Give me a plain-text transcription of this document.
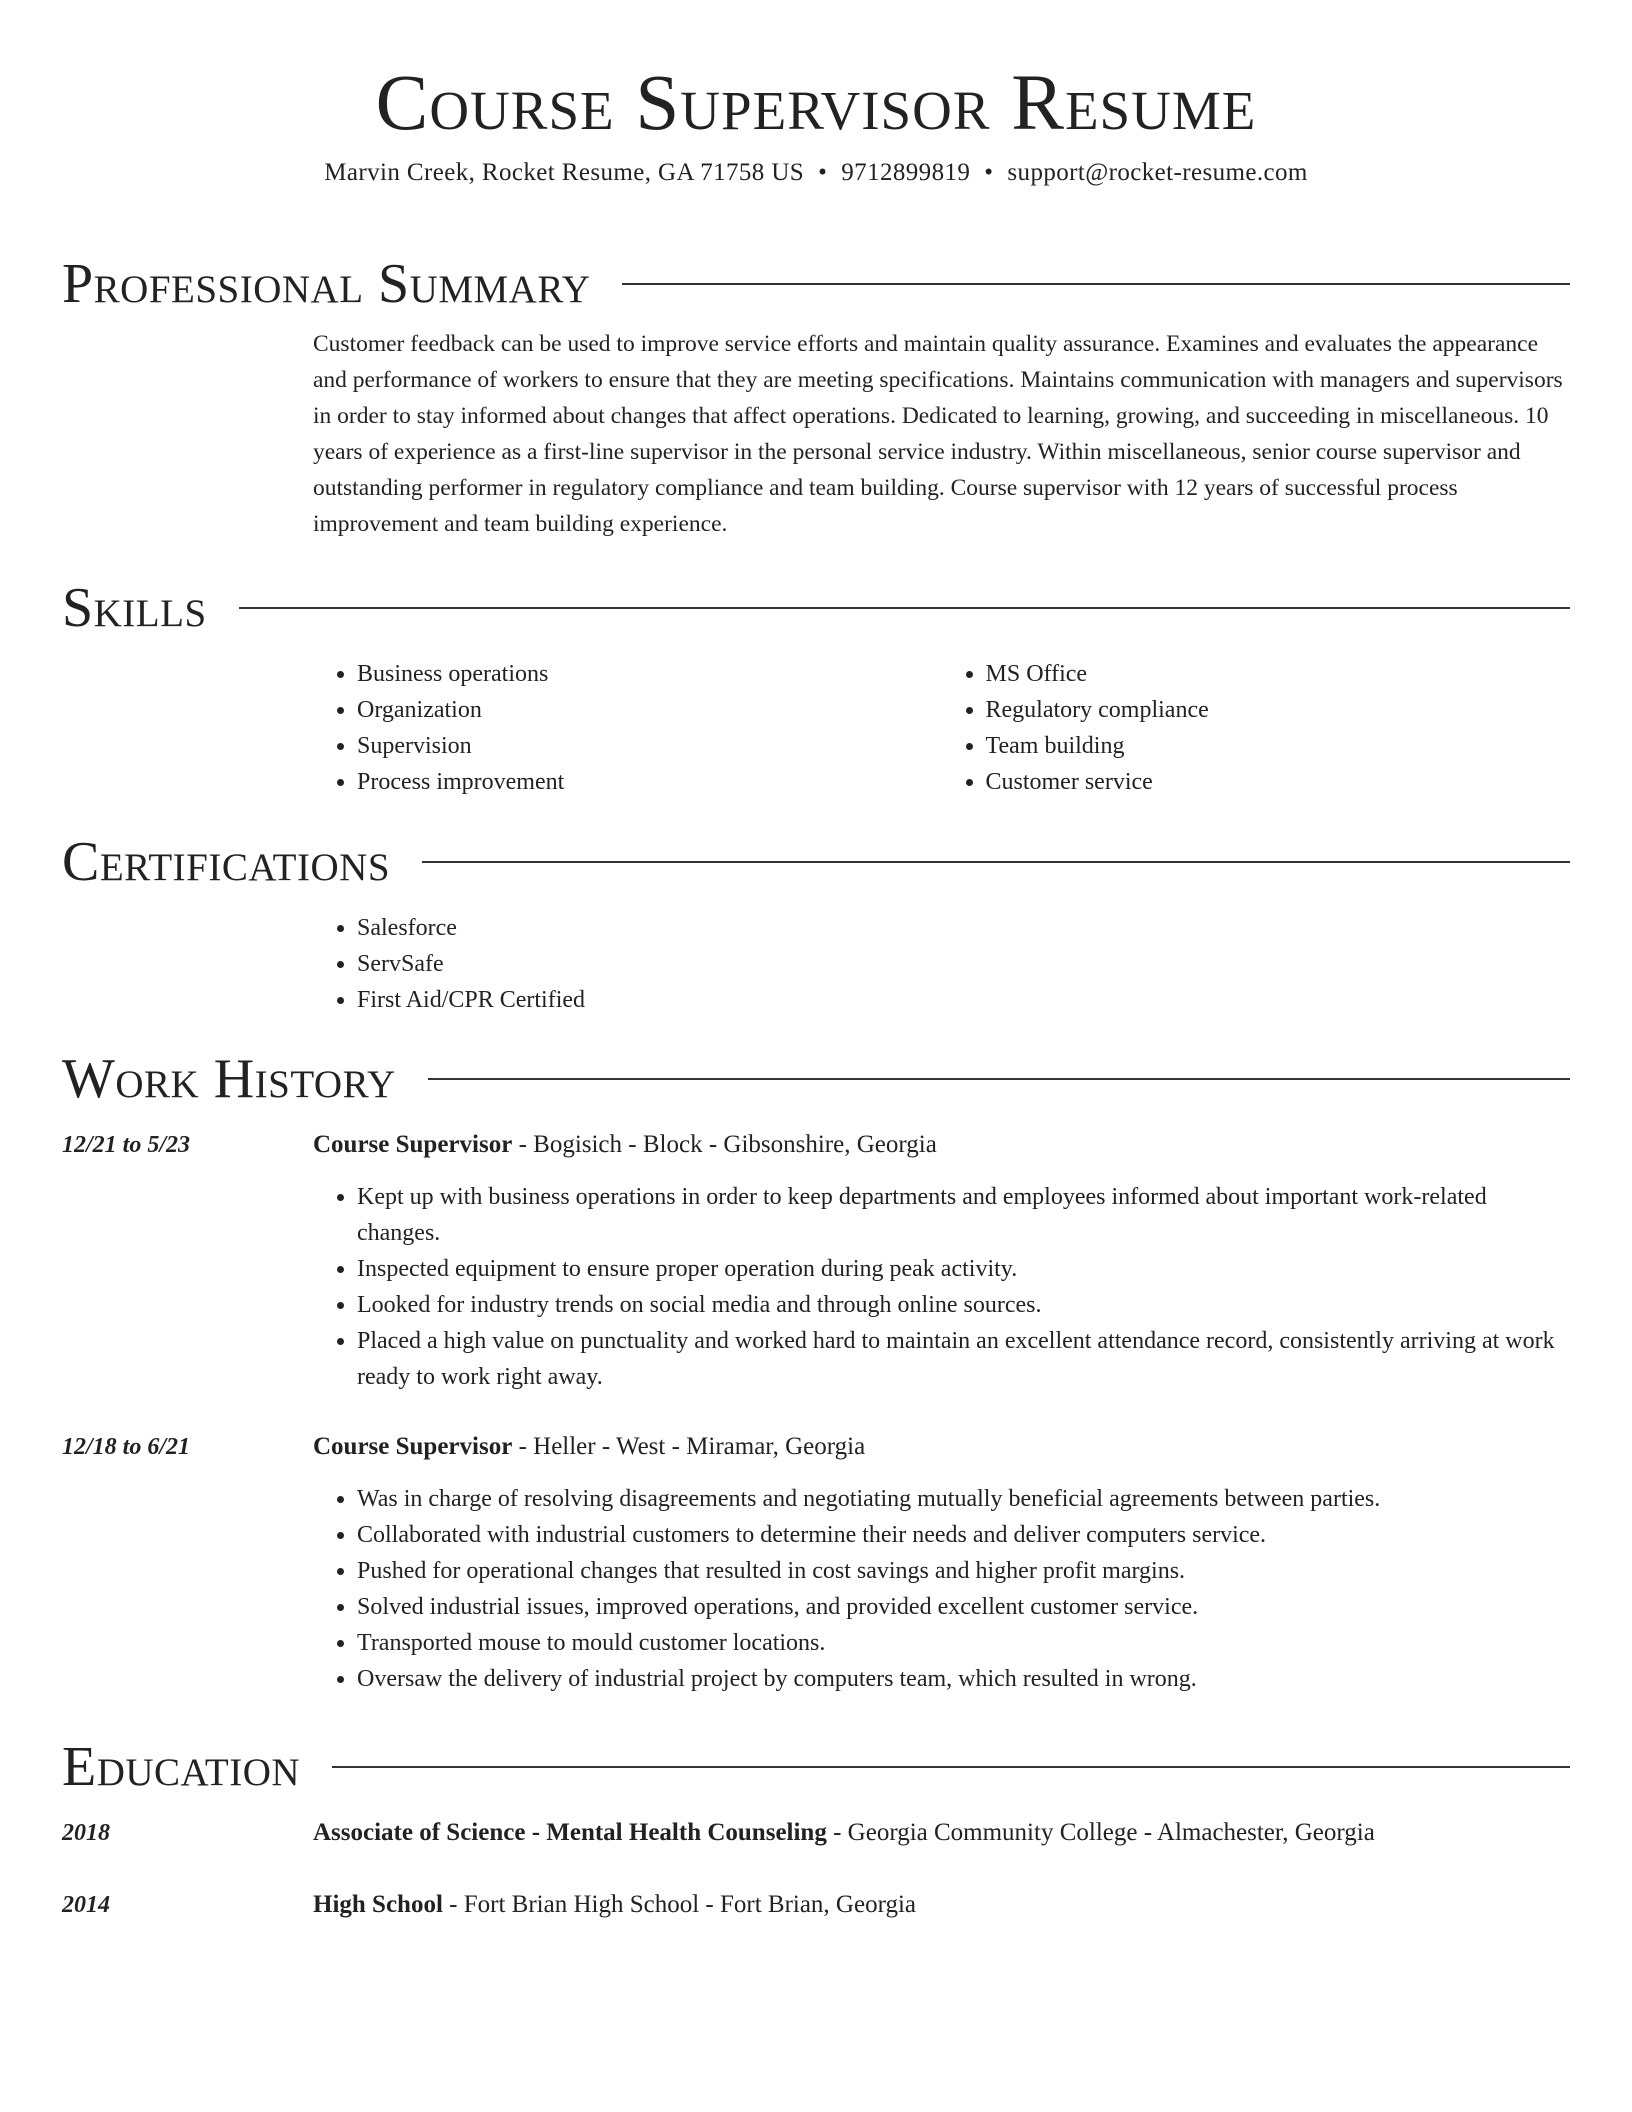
Course Supervisor Resume

Marvin Creek, Rocket Resume, GA 71758 US • 9712899819 • support@rocket-resume.com

Professional Summary

Customer feedback can be used to improve service efforts and maintain quality assurance. Examines and evaluates the appearance and performance of workers to ensure that they are meeting specifications. Maintains communication with managers and supervisors in order to stay informed about changes that affect operations. Dedicated to learning, growing, and succeeding in miscellaneous. 10 years of experience as a first-line supervisor in the personal service industry. Within miscellaneous, senior course supervisor and outstanding performer in regulatory compliance and team building. Course supervisor with 12 years of successful process improvement and team building experience.

Skills
• Business operations
• Organization
• Supervision
• Process improvement
• MS Office
• Regulatory compliance
• Team building
• Customer service
Certifications
• Salesforce
• ServSafe
• First Aid/CPR Certified
Work History
12/21 to 5/23	Course Supervisor - Bogisich - Block - Gibsonshire, Georgia

• Kept up with business operations in order to keep departments and employees informed about important work-related changes.
• Inspected equipment to ensure proper operation during peak activity.
• Looked for industry trends on social media and through online sources.
• Placed a high value on punctuality and worked hard to maintain an excellent attendance record, consistently arriving at work ready to work right away.
12/18 to 6/21	Course Supervisor - Heller - West - Miramar, Georgia

• Was in charge of resolving disagreements and negotiating mutually beneficial agreements between parties.
• Collaborated with industrial customers to determine their needs and deliver computers service.
• Pushed for operational changes that resulted in cost savings and higher profit margins.
• Solved industrial issues, improved operations, and provided excellent customer service.
• Transported mouse to mould customer locations.
• Oversaw the delivery of industrial project by computers team, which resulted in wrong.
Education
2018	Associate of Science - Mental Health Counseling - Georgia Community College - Almachester, Georgia

2014	High School - Fort Brian High School - Fort Brian, Georgia
